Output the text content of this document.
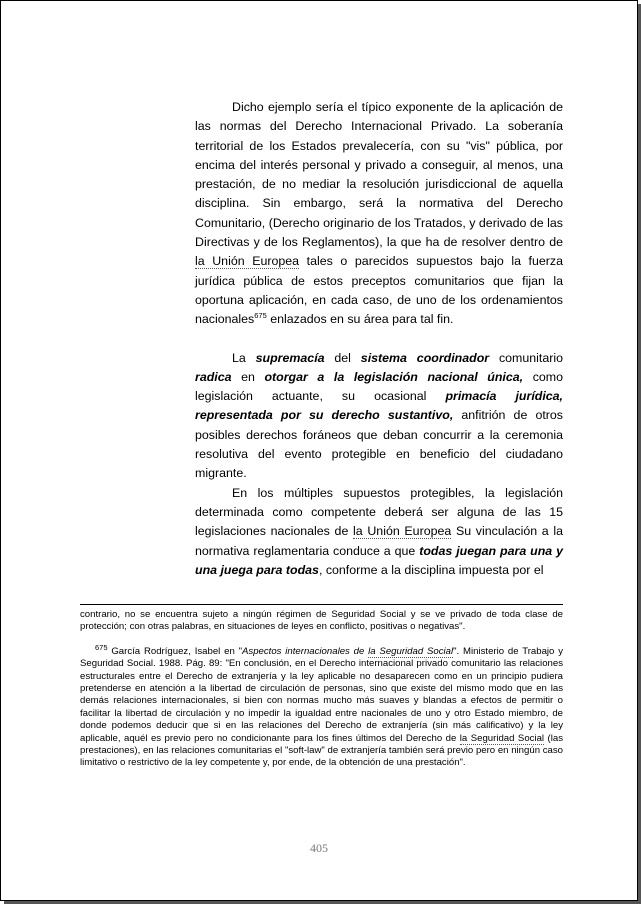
Dicho ejemplo sería el típico exponente de la aplicación de las normas del Derecho Internacional Privado. La soberanía territorial de los Estados prevalecería, con su "vis" pública, por encima del interés personal y privado a conseguir, al menos, una prestación, de no mediar la resolución jurisdiccional de aquella disciplina. Sin embargo, será la normativa del Derecho Comunitario, (Derecho originario de los Tratados, y derivado de las Directivas y de los Reglamentos), la que ha de resolver dentro de la Unión Europea tales o parecidos supuestos bajo la fuerza jurídica pública de estos preceptos comunitarios que fijan la oportuna aplicación, en cada caso, de uno de los ordenamientos nacionales$^{675}$ enlazados en su área para tal fin.

La supremacía del sistema coordinador comunitario radica en otorgar a la legislación nacional única, como legislación actuante, su ocasional primacía jurídica, representada por su derecho sustantivo, anfitrión de otros posibles derechos foráneos que deban concurrir a la ceremonia resolutiva del evento protegible en beneficio del ciudadano migrante.

En los múltiples supuestos protegibles, la legislación determinada como competente deberá ser alguna de las 15 legislaciones nacionales de la Unión Europea Su vinculación a la normativa reglamentaria conduce a que todas juegan para una y una juega para todas, conforme a la disciplina impuesta por el

contrario, no se encuentra sujeto a ningún régimen de Seguridad Social y se ve privado de toda clase de protección; con otras palabras, en situaciones de leyes en conflicto, positivas o negativas".

$^{675}$ García Rodríguez, Isabel en "Aspectos internacionales de la Seguridad Social". Ministerio de Trabajo y Seguridad Social. 1988. Pág. 89: "En conclusión, en el Derecho internacional privado comunitario las relaciones estructurales entre el Derecho de extranjería y la ley aplicable no desaparecen como en un principio pudiera pretenderse en atención a la libertad de circulación de personas, sino que existe del mismo modo que en las demás relaciones internacionales, si bien con normas mucho más suaves y blandas a efectos de permitir o facilitar la libertad de circulación y no impedir la igualdad entre nacionales de uno y otro Estado miembro, de donde podemos deducir que si en las relaciones del Derecho de extranjería (sin más calificativo) y la ley aplicable, aquél es previo pero no condicionante para los fines últimos del Derecho de la Seguridad Social (las prestaciones), en las relaciones comunitarias el "soft-law" de extranjería también será previo pero en ningún caso limitativo o restrictivo de la ley competente y, por ende, de la obtención de una prestación".

405
